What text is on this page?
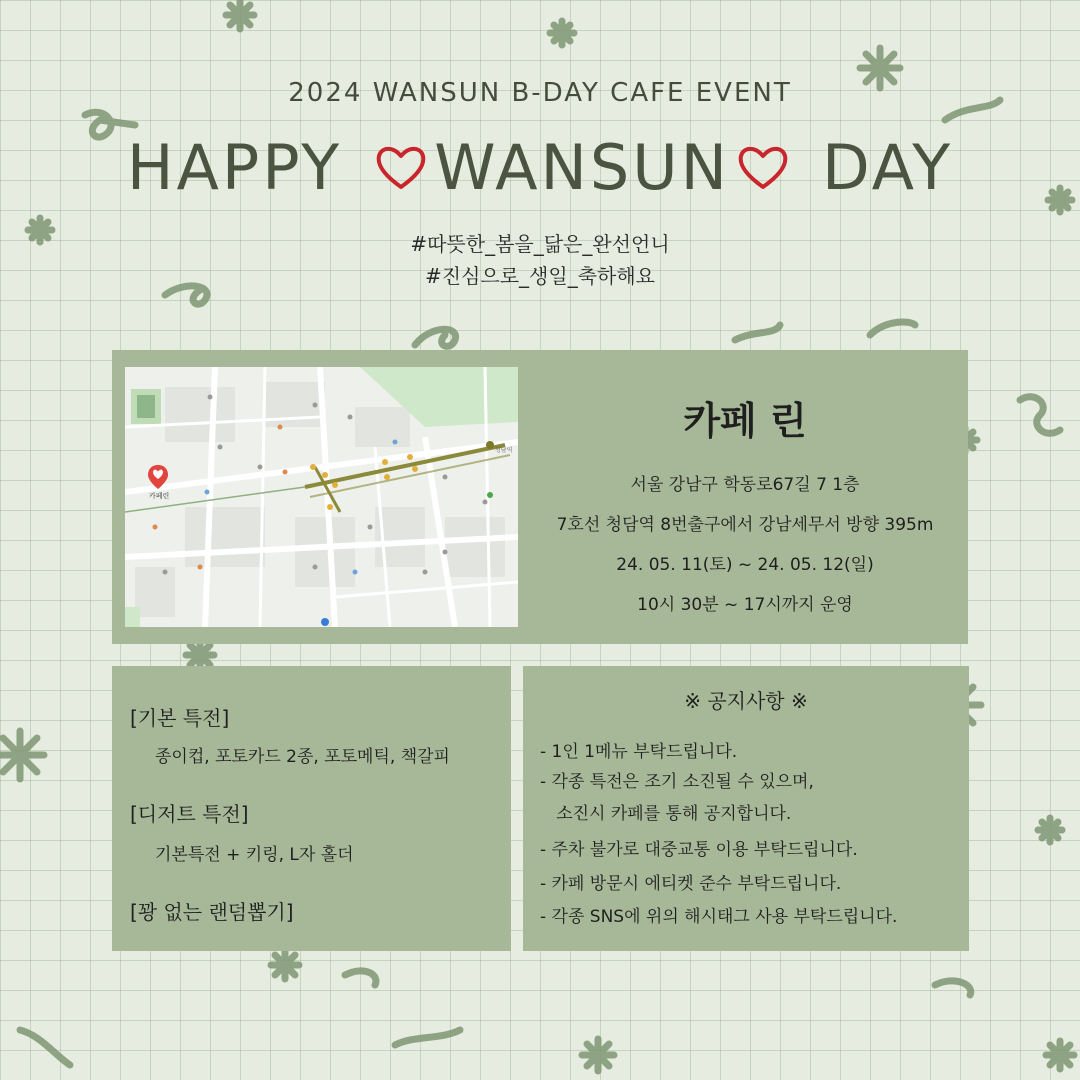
2024 WANSUN B-DAY CAFE EVENT
HAPPY WANSUN DAY
#따뜻한_봄을_닮은_완선언니
#진심으로_생일_축하해요
카페린
청담역
카페 린
서울 강남구 학동로67길 7 1층
7호선 청담역 8번출구에서 강남세무서 방향 395m
24. 05. 11(토) ~ 24. 05. 12(일)
10시 30분 ~ 17시까지 운영
[기본 특전]
종이컵, 포토카드 2종, 포토메틱, 책갈피
[디저트 특전]
기본특전 + 키링, L자 홀더
[꽝 없는 랜덤뽑기]
※ 공지사항 ※
- 1인 1메뉴 부탁드립니다.
- 각종 특전은 조기 소진될 수 있으며,
소진시 카페를 통해 공지합니다.
- 주차 불가로 대중교통 이용 부탁드립니다.
- 카페 방문시 에티켓 준수 부탁드립니다.
- 각종 SNS에 위의 해시태그 사용 부탁드립니다.
